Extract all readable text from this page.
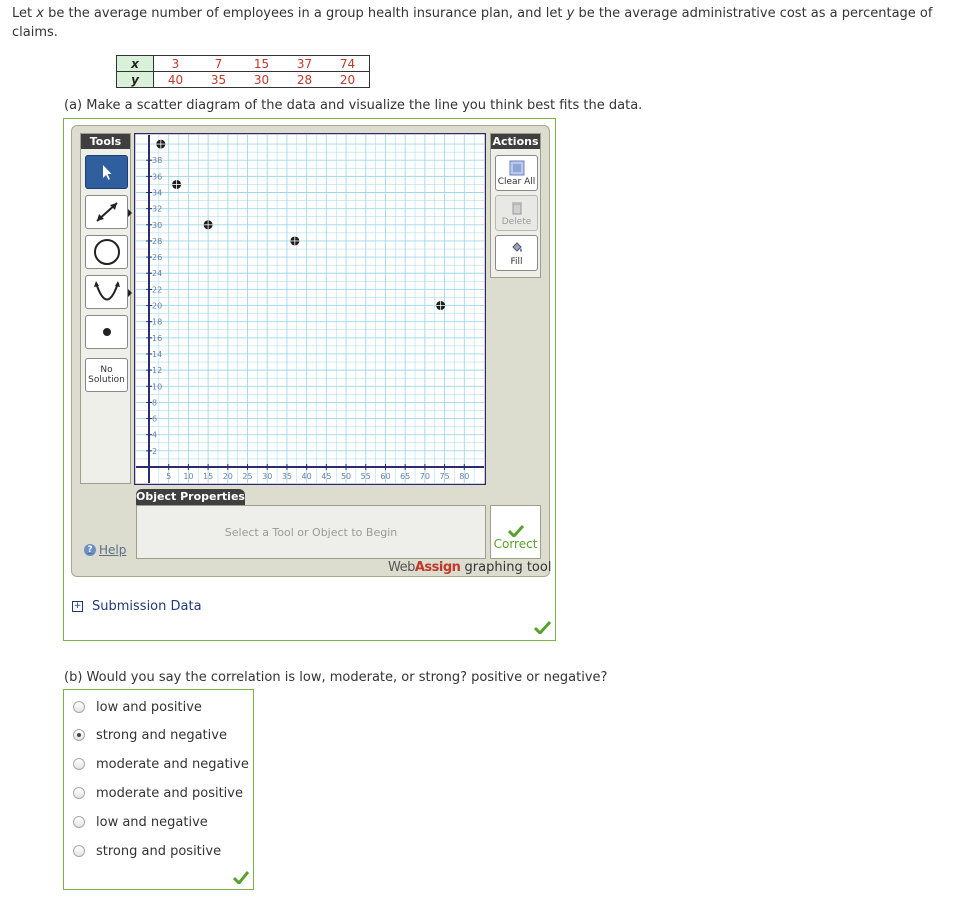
Let x be the average number of employees in a group health insurance plan, and let y be the average administrative cost as a percentage of claims.
x	3	7	15	37	74
y	40	35	30	28	20
(a) Make a scatter diagram of the data and visualize the line you think best fits the data.
Tools
No
Solution
5 10 15 20 25 30 35 40 45 50 55 60 65 70 75 80
2
4
6
8
10
12
14
16
18
20
22
24
26
28
30
32
34
36
38
Actions
Clear All
Delete
Fill
Object Properties
Select a Tool or Object to Begin
Correct
? Help
WebAssign graphing tool
+ Submission Data
(b) Would you say the correlation is low, moderate, or strong? positive or negative?
low and positive
strong and negative
moderate and negative
moderate and positive
low and negative
strong and positive
